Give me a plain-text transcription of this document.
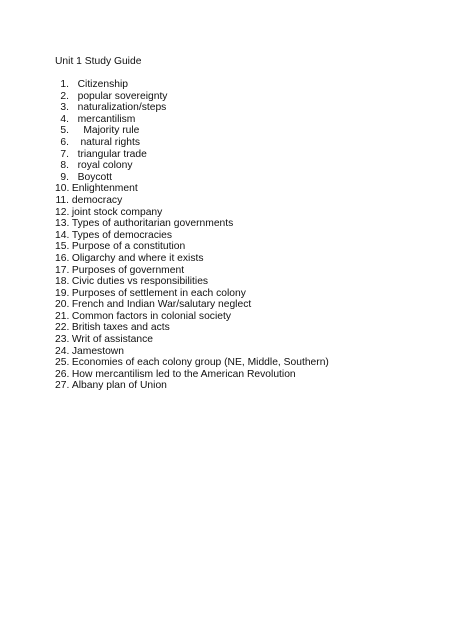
Unit 1 Study Guide
1.
Citizenship
2.
popular sovereignty
3.
naturalization/steps
4.
mercantilism
5.
Majority rule
6.
natural rights
7.
triangular trade
8.
royal colony
9.
Boycott
10.
Enlightenment
11.
democracy
12.
joint stock company
13.
Types of authoritarian governments
14.
Types of democracies
15.
Purpose of a constitution
16.
Oligarchy and where it exists
17.
Purposes of government
18.
Civic duties vs responsibilities
19.
Purposes of settlement in each colony
20.
French and Indian War/salutary neglect
21.
Common factors in colonial society
22.
British taxes and acts
23.
Writ of assistance
24.
Jamestown
25.
Economies of each colony group (NE, Middle, Southern)
26.
How mercantilism led to the American Revolution
27.
Albany plan of Union
